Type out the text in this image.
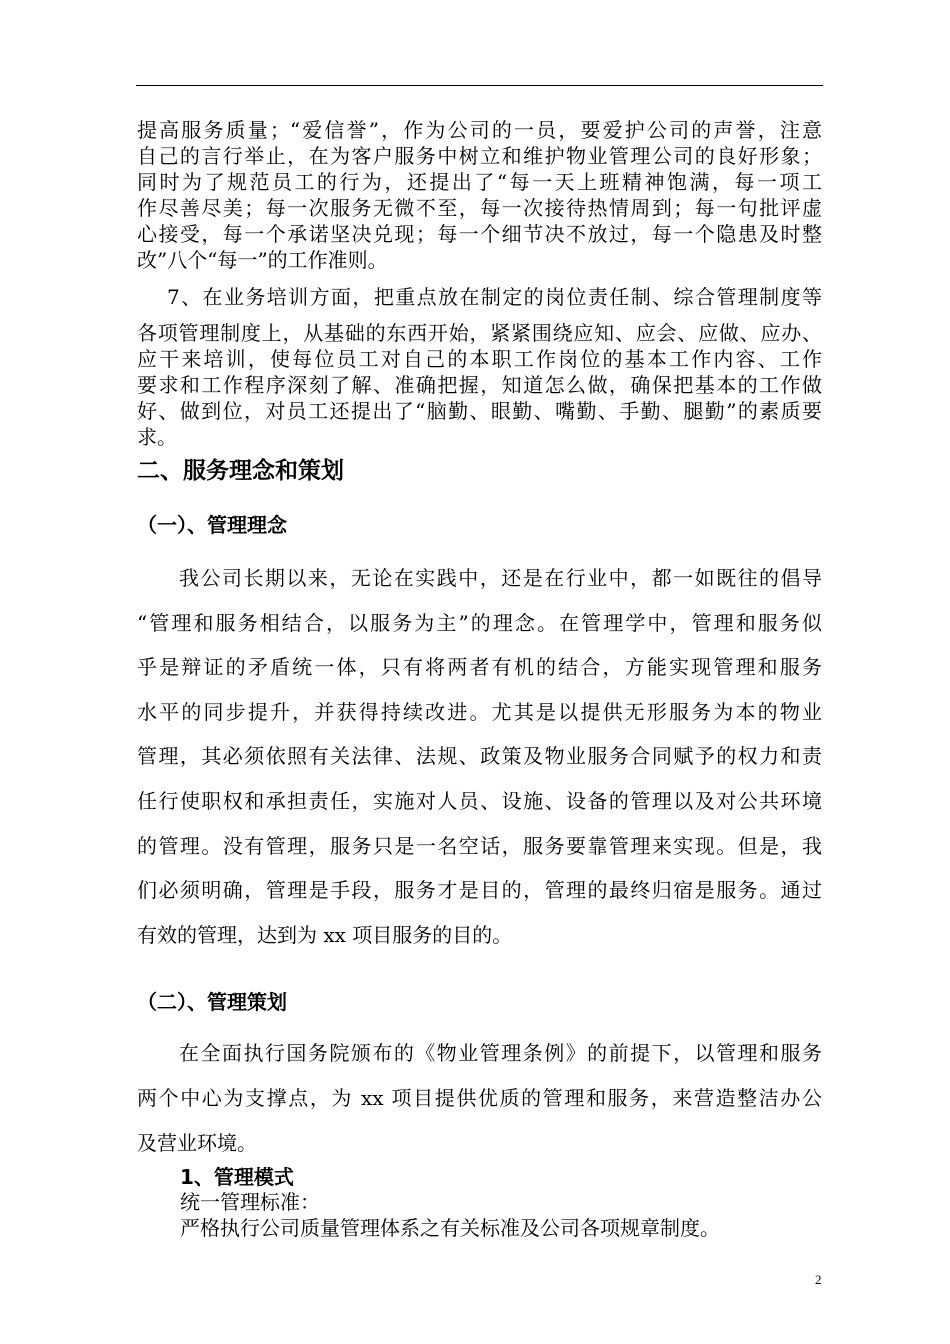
提高服务质量；“爱信誉”，作为公司的一员，要爱护公司的声誉，注意
自己的言行举止，在为客户服务中树立和维护物业管理公司的良好形象；
同时为了规范员工的行为，还提出了“每一天上班精神饱满，每一项工
作尽善尽美；每一次服务无微不至，每一次接待热情周到；每一句批评虚
心接受，每一个承诺坚决兑现；每一个细节决不放过，每一个隐患及时整
改”八个“每一”的工作准则。
7、在业务培训方面，把重点放在制定的岗位责任制、综合管理制度等
各项管理制度上，从基础的东西开始，紧紧围绕应知、应会、应做、应办、
应干来培训，使每位员工对自己的本职工作岗位的基本工作内容、工作
要求和工作程序深刻了解、准确把握，知道怎么做，确保把基本的工作做
好、做到位，对员工还提出了“脑勤、眼勤、嘴勤、手勤、腿勤”的素质要
求。
二、服务理念和策划
（一）、管理理念
我公司长期以来，无论在实践中，还是在行业中，都一如既往的倡导
“管理和服务相结合，以服务为主”的理念。在管理学中，管理和服务似
乎是辩证的矛盾统一体，只有将两者有机的结合，方能实现管理和服务
水平的同步提升，并获得持续改进。尤其是以提供无形服务为本的物业
管理，其必须依照有关法律、法规、政策及物业服务合同赋予的权力和责
任行使职权和承担责任，实施对人员、设施、设备的管理以及对公共环境
的管理。没有管理，服务只是一名空话，服务要靠管理来实现。但是，我
们必须明确，管理是手段，服务才是目的，管理的最终归宿是服务。通过
有效的管理，达到为 xx 项目服务的目的。
（二）、管理策划
在全面执行国务院颁布的《物业管理条例》的前提下，以管理和服务
两个中心为支撑点，为 xx 项目提供优质的管理和服务，来营造整洁办公
及营业环境。
1、管理模式
统一管理标准：
严格执行公司质量管理体系之有关标准及公司各项规章制度。
2
